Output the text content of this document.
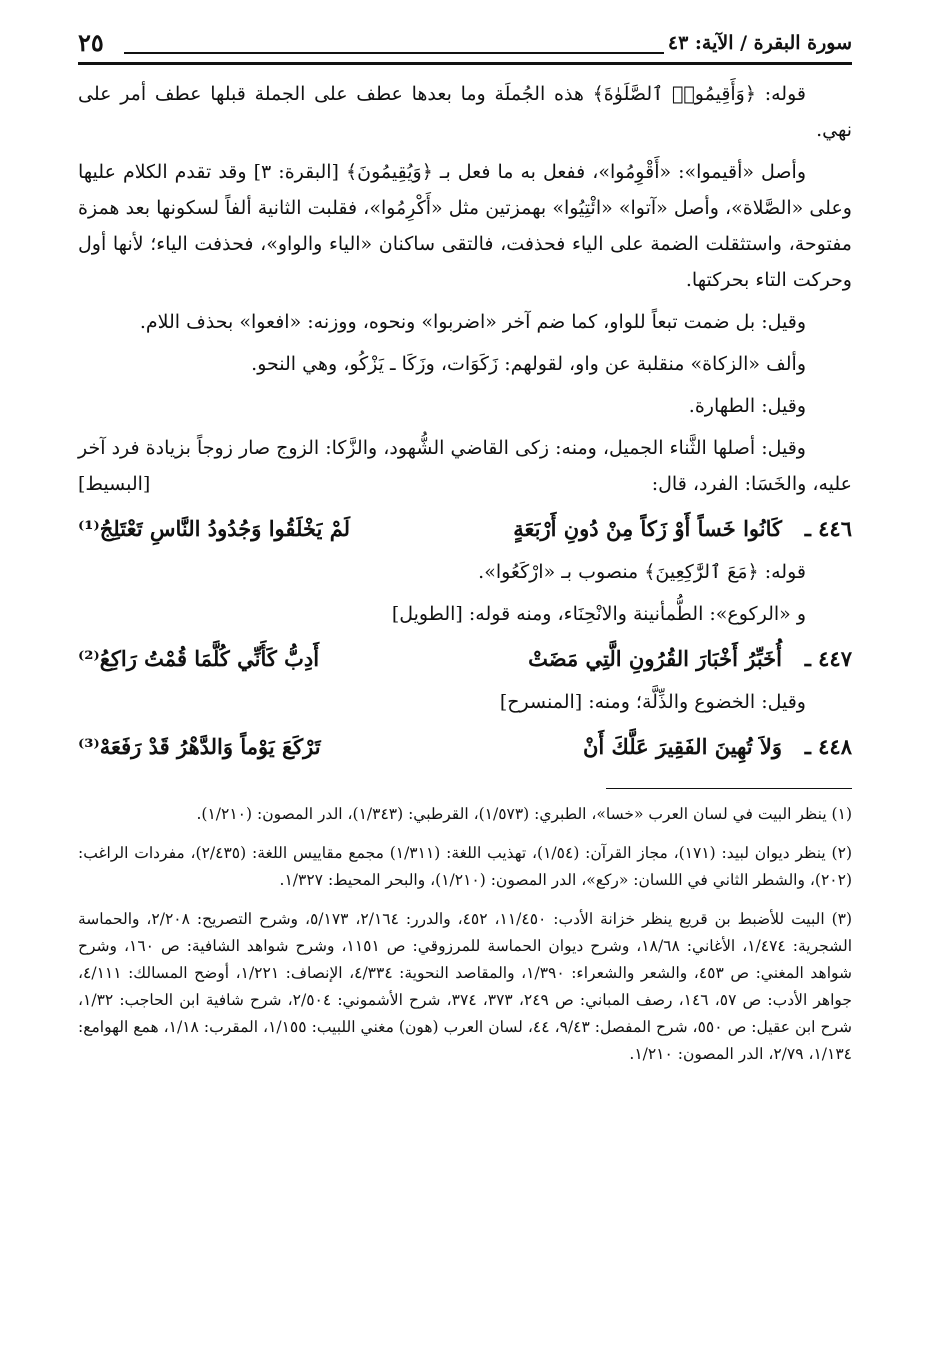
سورة البقرة / الآية: ٤٣
٢٥

قوله: ﴿وَأَقِيمُوا۟ ٱلصَّلَوٰةَ﴾ هذه الجُملَة وما بعدها عطف على الجملة قبلها عطف أمر على نهي.

وأصل «أقيموا»: «أَقْوِمُوا»، ففعل به ما فعل بـ ﴿وَيُقِيمُونَ﴾ [البقرة: ٣] وقد تقدم الكلام عليها وعلى «الصَّلاة»، وأصل «آتوا» «ائْتِيُوا» بهمزتين مثل «أَكْرِمُوا»، فقلبت الثانية ألفاً لسكونها بعد همزة مفتوحة، واستثقلت الضمة على الياء فحذفت، فالتقى ساكنان «الياء والواو»، فحذفت الياء؛ لأنها أول وحركت التاء بحركتها.

وقيل: بل ضمت تبعاً للواو، كما ضم آخر «اضربوا» ونحوه، ووزنه: «افعوا» بحذف اللام.

وألف «الزكاة» منقلبة عن واو، لقولهم: زَكَوَات، وزَكَا ـ يَزْكُو، وهي النحو.

وقيل: الطهارة.

وقيل: أصلها الثَّناء الجميل، ومنه: زكى القاضي الشُّهود، والزَّكا: الزوج صار زوجاً بزيادة فرد آخر عليه، والخَسَا: الفرد، قال:
[البسيط]

٤٤٦ ـ
كَانُوا خَساً أَوْ زَكاً مِنْ دُونِ أَرْبَعَةٍ
لَمْ يَخْلَقُوا وَجُدُودُ النَّاسِ تَعْتَلِجُ⁽¹⁾

قوله: ﴿مَعَ ٱلرَّٰكِعِينَ﴾ منصوب بـ «ارْكَعُوا».

و «الركوع»: الطُّمأنينة والانْحِنَاء، ومنه قوله: [الطويل]

٤٤٧ ـ
أُخَبِّرُ أَخْبَارَ القُرُونِ الَّتِي مَضَتْ
أَدِبُّ كَأَنِّي كُلَّمَا قُمْتُ رَاكِعُ⁽²⁾

وقيل: الخضوع والذِّلَّة؛ ومنه: [المنسرح]

٤٤٨ ـ
وَلاَ تُهِينَ الفَقِيرَ عَلَّكَ أَنْ
تَرْكَعَ يَوْماً وَالدَّهْرُ قَدْ رَفَعَهْ⁽³⁾

(١) ينظر البيت في لسان العرب «خسا»، الطبري: (١/٥٧٣)، القرطبي: (١/٣٤٣)، الدر المصون: (١/٢١٠).

(٢) ينظر ديوان لبيد: (١٧١)، مجاز القرآن: (١/٥٤)، تهذيب اللغة: (١/٣١١) مجمع مقاييس اللغة: (٢/٤٣٥)، مفردات الراغب: (٢٠٢)، والشطر الثاني في اللسان: «ركع»، الدر المصون: (١/٢١٠)، والبحر المحيط: ١/٣٢٧.

(٣) البيت للأضبط بن قريع ينظر خزانة الأدب: ١١/٤٥٠، ٤٥٢، والدرر: ٢/١٦٤، ٥/١٧٣، وشرح التصريح: ٢/٢٠٨، والحماسة الشجرية: ١/٤٧٤، الأغاني: ١٨/٦٨، وشرح ديوان الحماسة للمرزوقي: ص ١١٥١، وشرح شواهد الشافية: ص ١٦٠، وشرح شواهد المغني: ص ٤٥٣، والشعر والشعراء: ١/٣٩٠، والمقاصد النحوية: ٤/٣٣٤، الإنصاف: ١/٢٢١، أوضح المسالك: ٤/١١١، جواهر الأدب: ص ٥٧، ١٤٦، رصف المباني: ص ٢٤٩، ٣٧٣، ٣٧٤، شرح الأشموني: ٢/٥٠٤، شرح شافية ابن الحاجب: ١/٣٢، شرح ابن عقيل: ص ٥٥٠، شرح المفصل: ٩/٤٣، ٤٤، لسان العرب (هون) مغني اللبيب: ١/١٥٥، المقرب: ١/١٨، همع الهوامع: ١/١٣٤، ٢/٧٩، الدر المصون: ١/٢١٠.
